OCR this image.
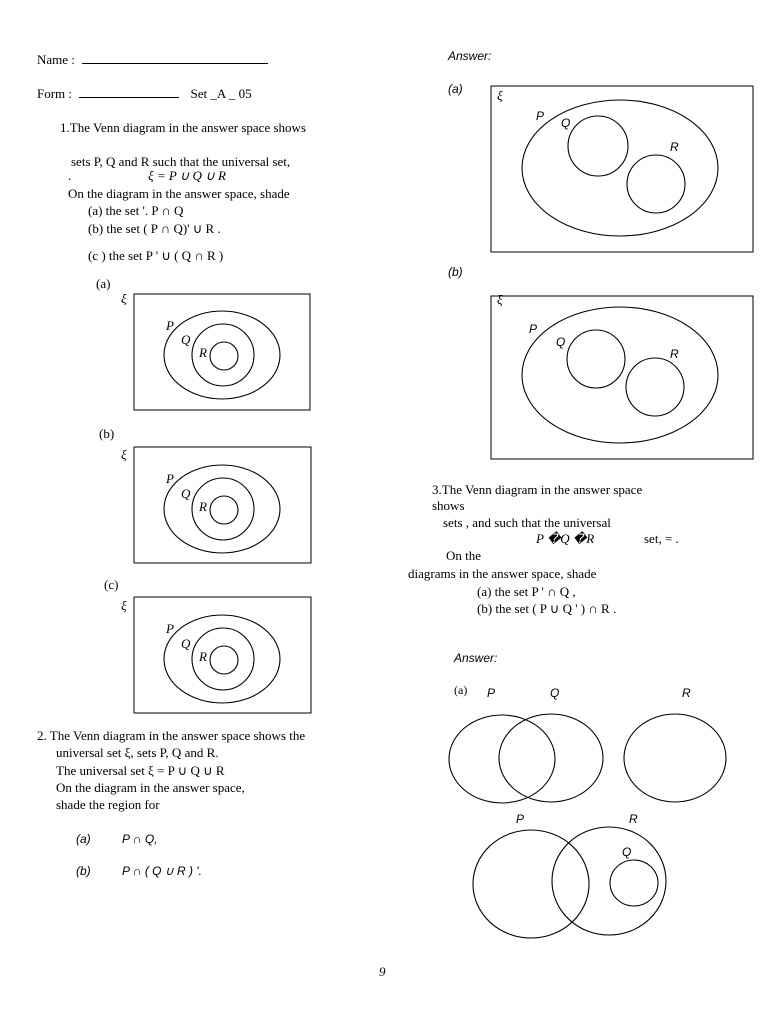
Name :
Form :	Set _A _ 05
1.The Venn diagram in the answer space shows
sets P, Q and R such that the universal set,
.	ξ = P ∪ Q ∪ R
On the diagram in the answer space, shade
(a) the set '. P ∩ Q
(b) the set ( P ∩ Q)' ∪ R .
(c ) the set P ' ∪ ( Q ∩ R )
(a)
(b)
(c)
ξ
ξ
ξ
P
Q
R
P
Q
R
P
Q
R
2. The Venn diagram in the answer space shows the
universal set ξ, sets P, Q and R.
The universal set ξ = P ∪ Q ∪ R
On the diagram in the answer space,
shade the region for
(a)	P ∩ Q,
(b)	P ∩ ( Q ∪ R ) '.
Answer:
(a)
(b)
ξ
P Q
R
ξ
P
Q
R
3.The Venn diagram in the answer space
shows
sets , and such that the universal
P �Q �R	set, = .
On the
diagrams in the answer space, shade
(a) the set P ' ∩ Q ,
(b) the set ( P ∪ Q ' ) ∩ R .
Answer:
(a) P	Q	R
P	R
Q
9
